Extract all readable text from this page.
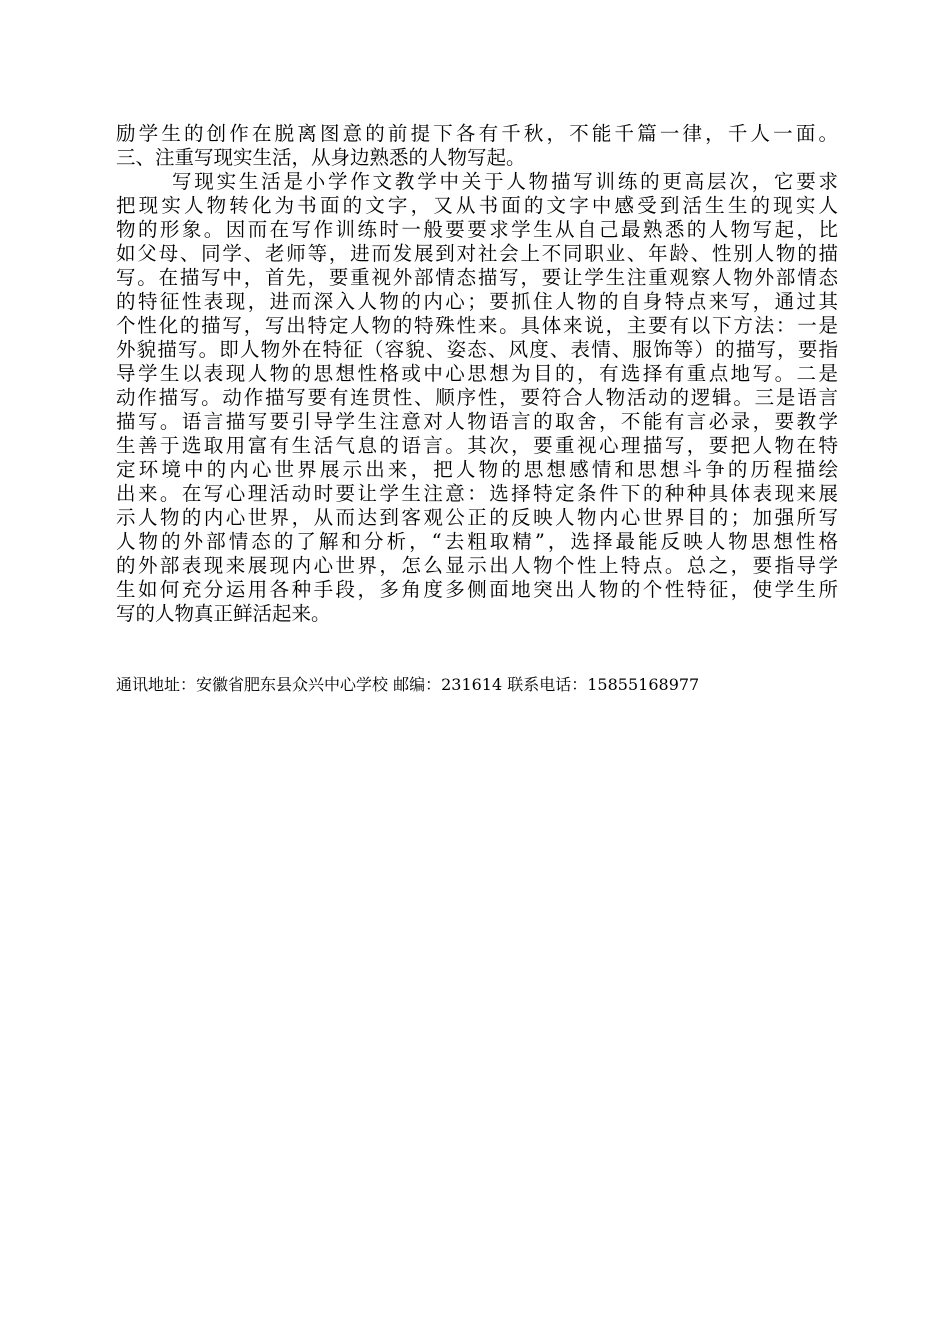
励学生的创作在脱离图意的前提下各有千秋，不能千篇一律，千人一面。
三、注重写现实生活，从身边熟悉的人物写起。
写现实生活是小学作文教学中关于人物描写训练的更高层次，它要求
把现实人物转化为书面的文字，又从书面的文字中感受到活生生的现实人
物的形象。因而在写作训练时一般要要求学生从自己最熟悉的人物写起，比
如父母、同学、老师等，进而发展到对社会上不同职业、年龄、性别人物的描
写。在描写中，首先，要重视外部情态描写，要让学生注重观察人物外部情态
的特征性表现，进而深入人物的内心；要抓住人物的自身特点来写，通过其
个性化的描写，写出特定人物的特殊性来。具体来说，主要有以下方法：一是
外貌描写。即人物外在特征（容貌、姿态、风度、表情、服饰等）的描写，要指
导学生以表现人物的思想性格或中心思想为目的，有选择有重点地写。二是
动作描写。动作描写要有连贯性、顺序性，要符合人物活动的逻辑。三是语言
描写。语言描写要引导学生注意对人物语言的取舍，不能有言必录，要教学
生善于选取用富有生活气息的语言。其次，要重视心理描写，要把人物在特
定环境中的内心世界展示出来，把人物的思想感情和思想斗争的历程描绘
出来。在写心理活动时要让学生注意：选择特定条件下的种种具体表现来展
示人物的内心世界，从而达到客观公正的反映人物内心世界目的；加强所写
人物的外部情态的了解和分析，“去粗取精”，选择最能反映人物思想性格
的外部表现来展现内心世界，怎么显示出人物个性上特点。总之，要指导学
生如何充分运用各种手段，多角度多侧面地突出人物的个性特征，使学生所
写的人物真正鲜活起来。
通讯地址：安徽省肥东县众兴中心学校 邮编：231614 联系电话：15855168977
